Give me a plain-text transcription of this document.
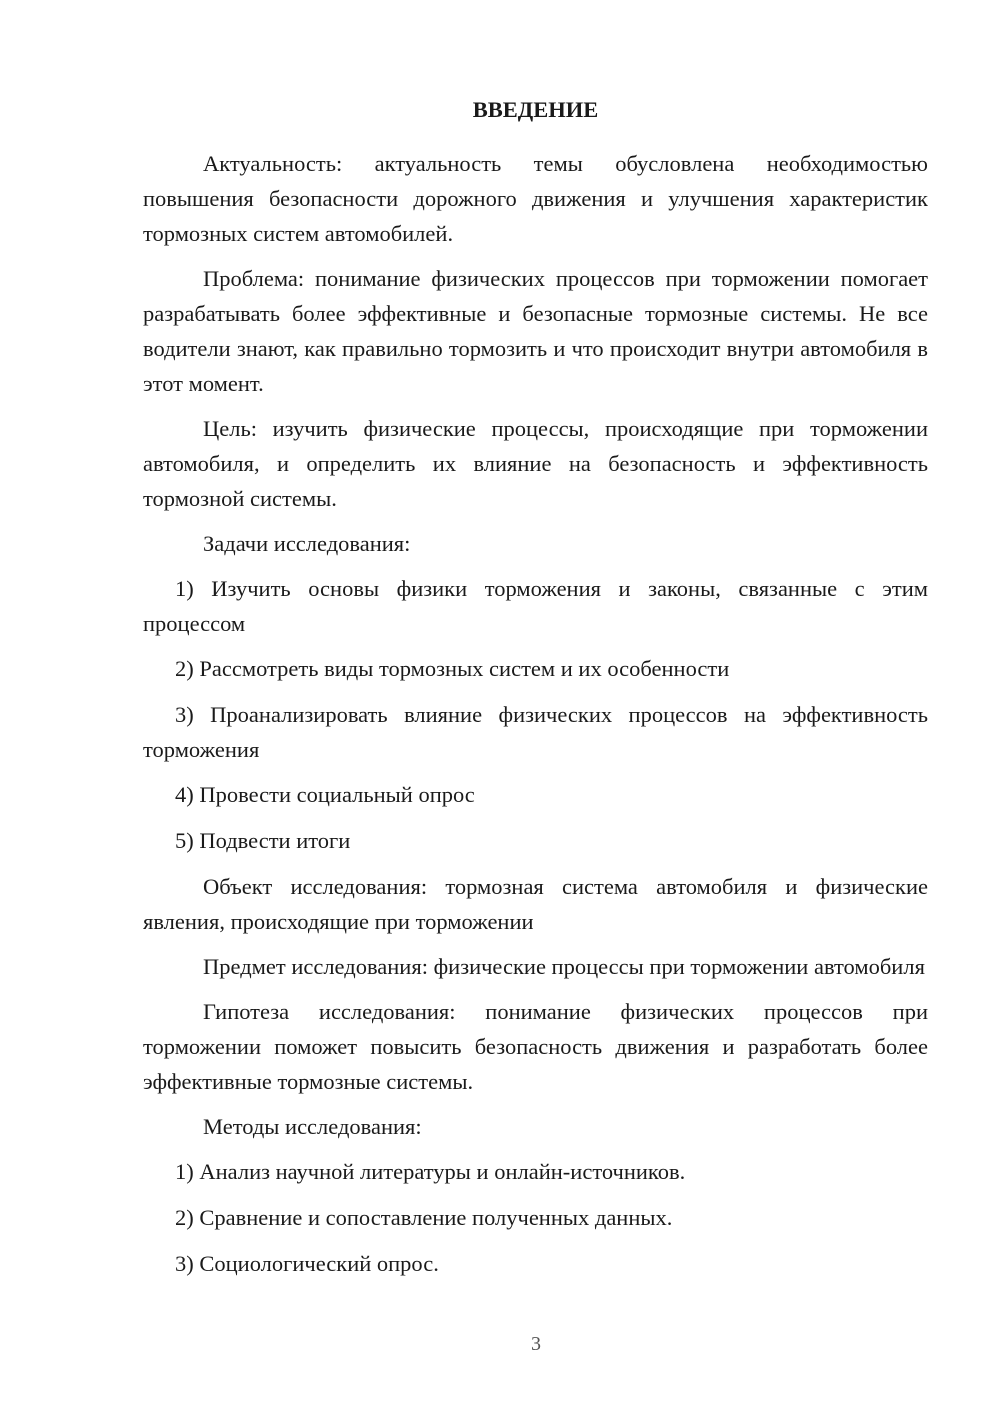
ВВЕДЕНИЕ

Актуальность: актуальность темы обусловлена необходимостью повышения безопасности дорожного движения и улучшения характеристик тормозных систем автомобилей.

Проблема: понимание физических процессов при торможении помогает разрабатывать более эффективные и безопасные тормозные системы. Не все водители знают, как правильно тормозить и что происходит внутри автомобиля в этот момент.

Цель: изучить физические процессы, происходящие при торможении автомобиля, и определить их влияние на безопасность и эффективность тормозной системы.

Задачи исследования:

1) Изучить основы физики торможения и законы, связанные с этим процессом

2) Рассмотреть виды тормозных систем и их особенности

3) Проанализировать влияние физических процессов на эффективность торможения

4) Провести социальный опрос

5) Подвести итоги

Объект исследования: тормозная система автомобиля и физические явления, происходящие при торможении

Предмет исследования: физические процессы при торможении автомобиля

Гипотеза исследования: понимание физических процессов при торможении поможет повысить безопасность движения и разработать более эффективные тормозные системы.

Методы исследования:

1) Анализ научной литературы и онлайн-источников.

2) Сравнение и сопоставление полученных данных.

3) Социологический опрос.

3
